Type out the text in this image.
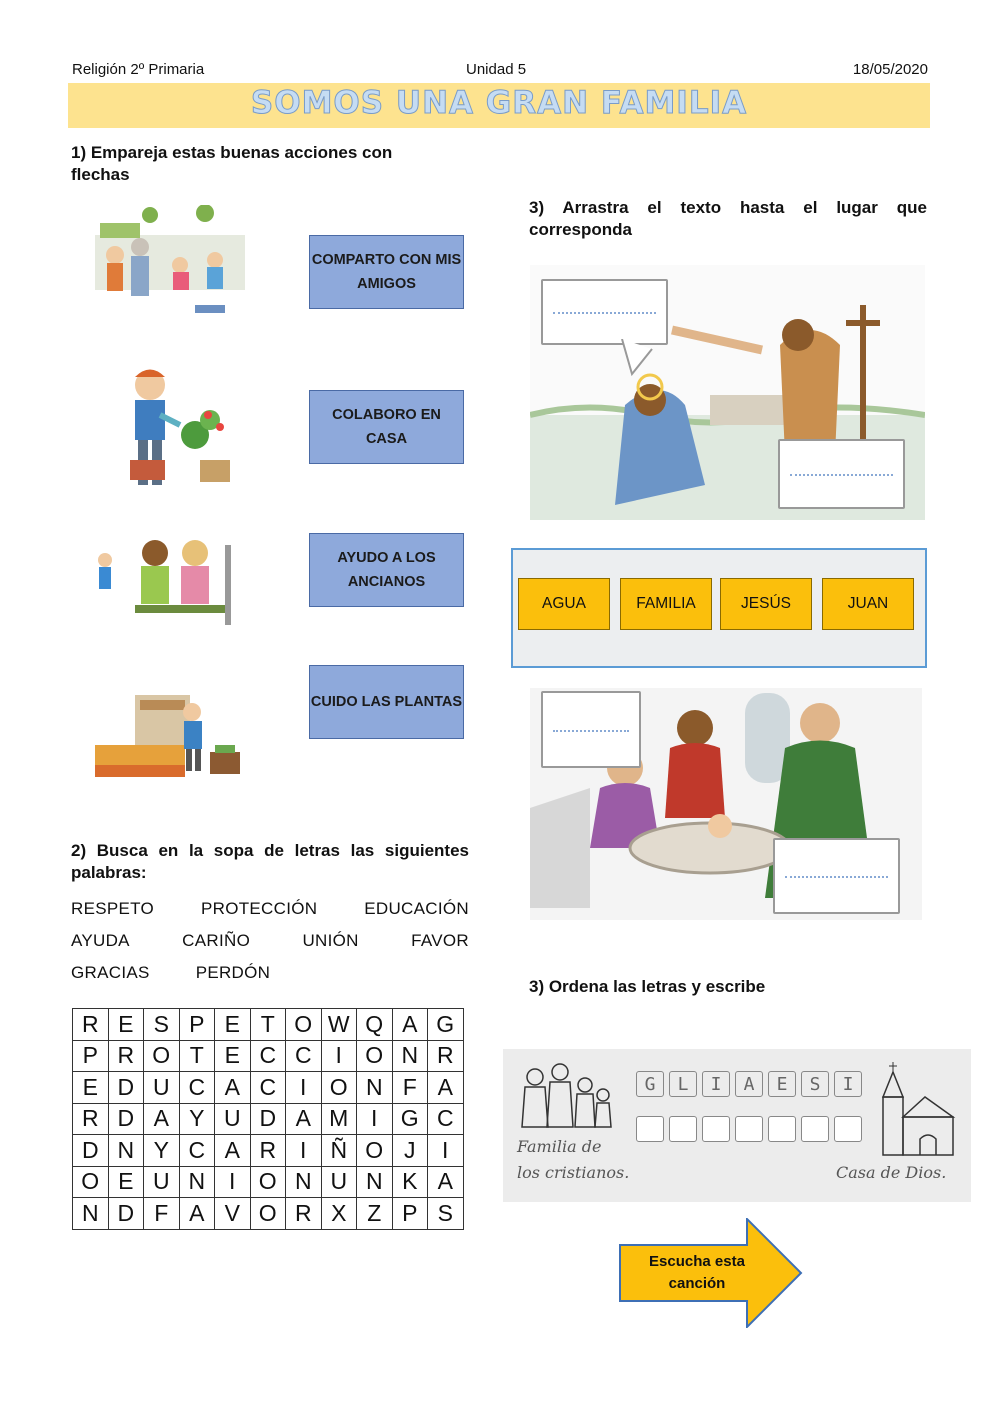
Religión 2º Primaria	Unidad 5	18/05/2020
SOMOS UNA GRAN FAMILIA
1) Empareja estas buenas acciones con flechas
COMPARTO CON MIS AMIGOS
COLABORO EN CASA
AYUDO A LOS ANCIANOS
CUIDO LAS PLANTAS
2) Busca en la sopa de letras las siguientes palabras:
RESPETO	PROTECCIÓN	EDUCACIÓN
AYUDA	CARIÑO	UNIÓN	FAVOR
GRACIAS	PERDÓN
R	E	S	P	E	T	O	W	Q	A	G
P	R	O	T	E	C	C	I	O	N	R
E	D	U	C	A	C	I	O	N	F	A
R	D	A	Y	U	D	A	M	I	G	C
D	N	Y	C	A	R	I	Ñ	O	J	I
O	E	U	N	I	O	N	U	N	K	A
N	D	F	A	V	O	R	X	Z	P	S
3) Arrastra el texto hasta el lugar que corresponda
AGUA	FAMILIA	JESÚS	JUAN
3) Ordena las letras y escribe
Familia de
los cristianos.
G	L	I	A	E	S	I
Casa de Dios.
Escucha esta canción
